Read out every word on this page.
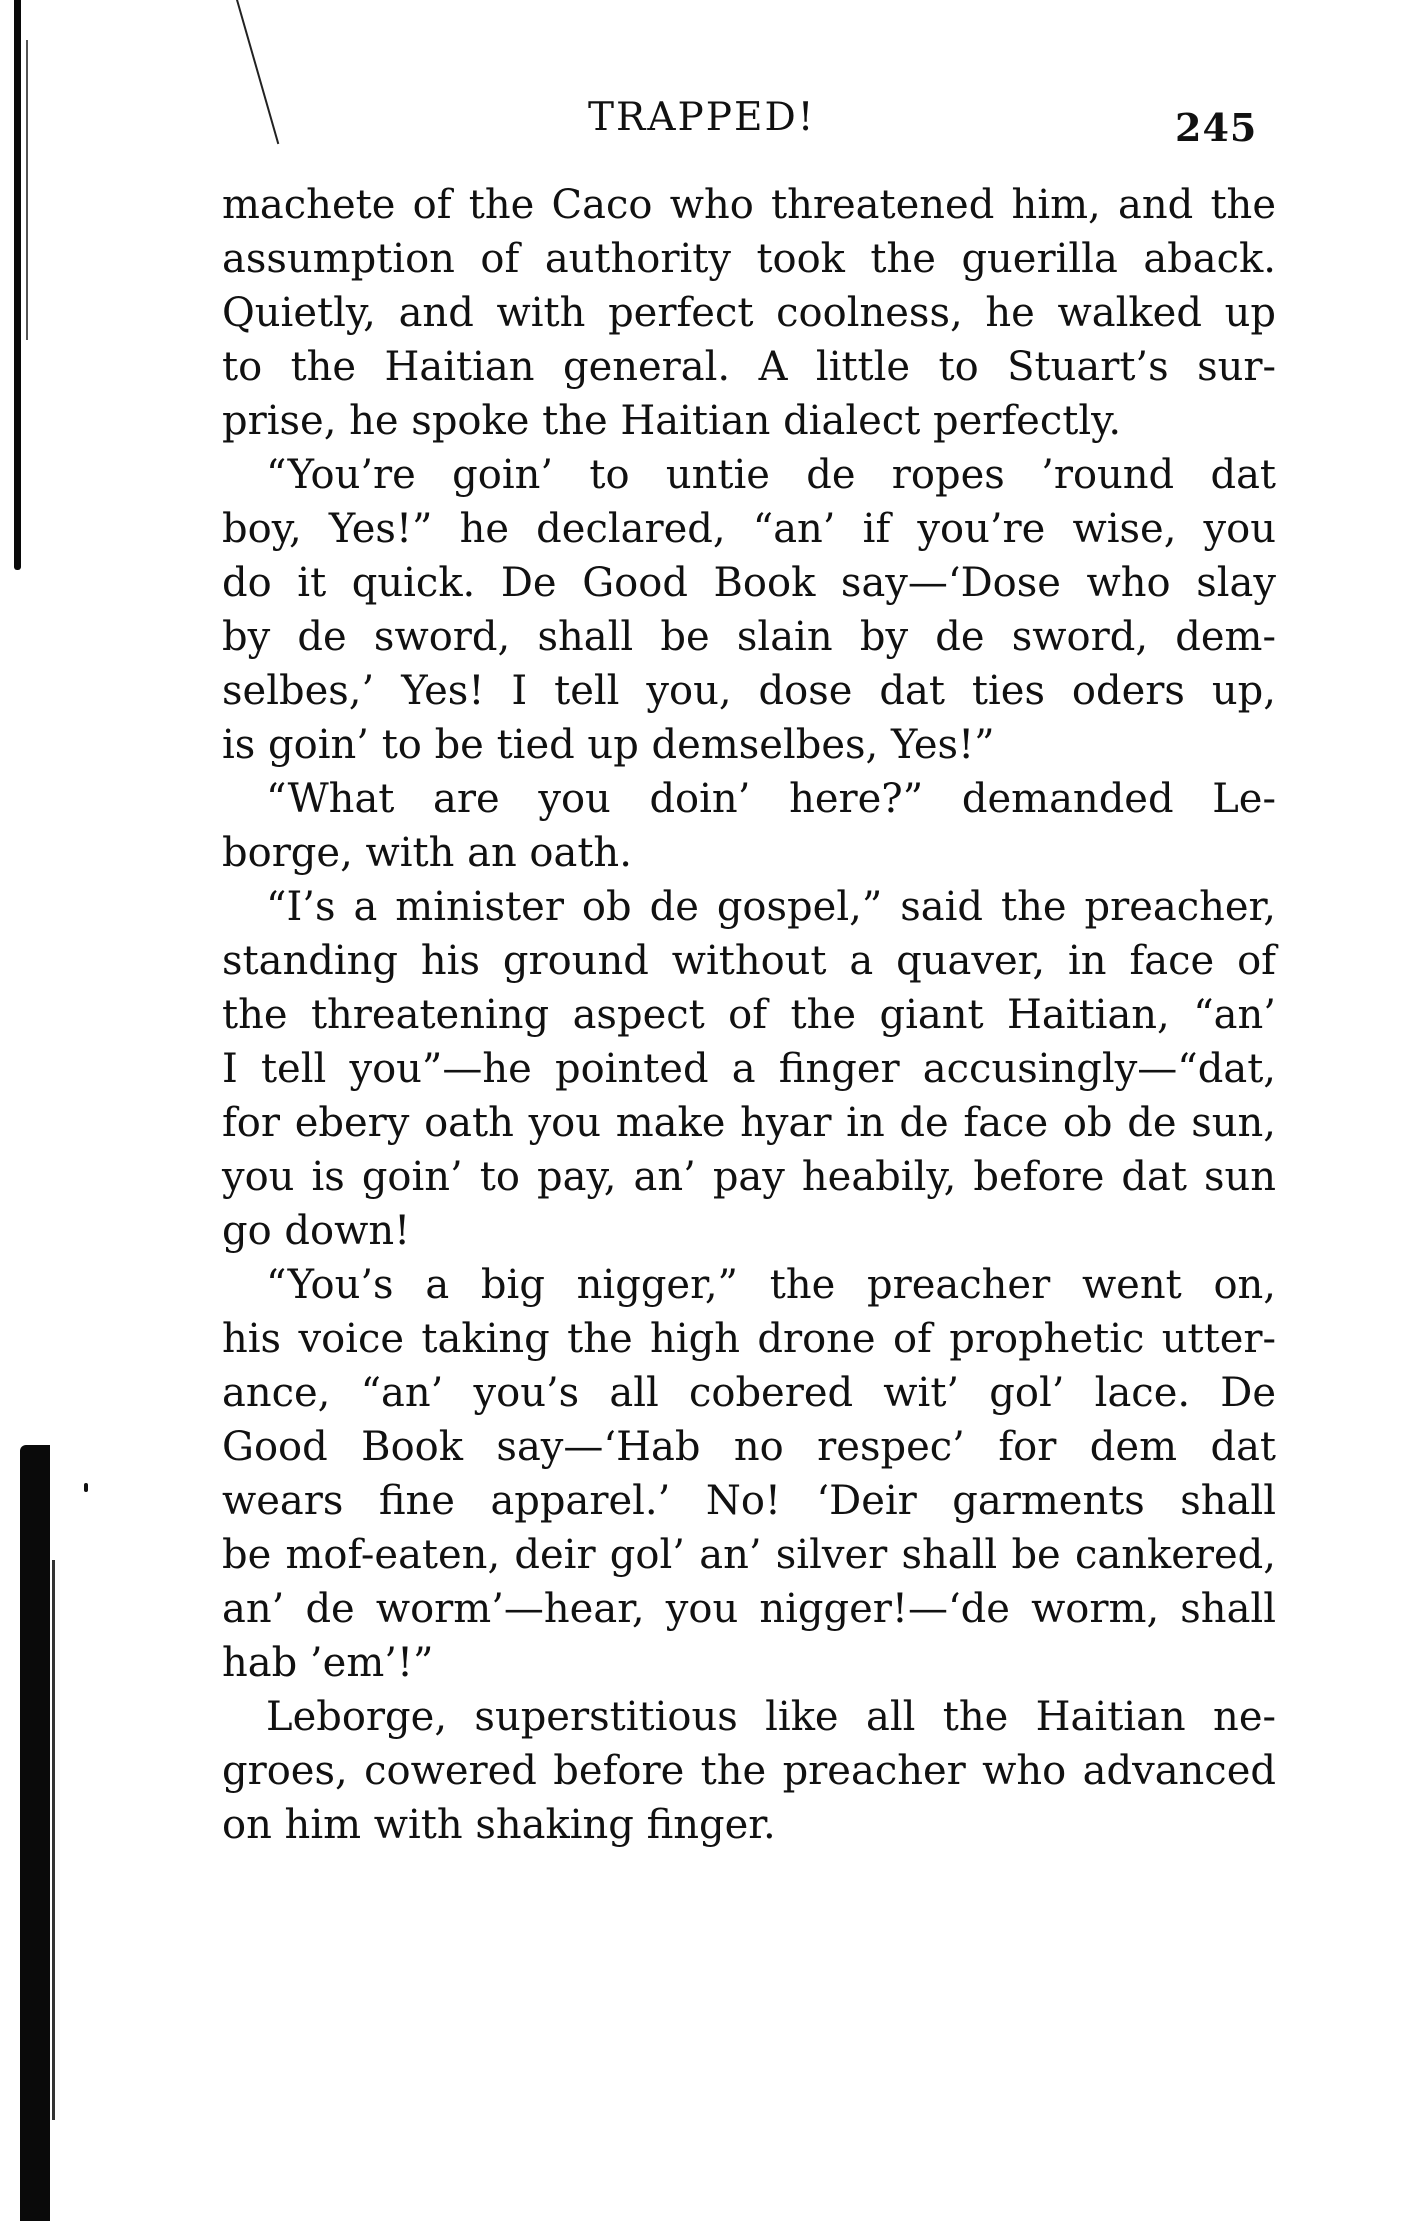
TRAPPED!	245
machete of the Caco who threatened him, and the
assumption of authority took the guerilla aback.
Quietly, and with perfect coolness, he walked up
to the Haitian general. A little to Stuart’s sur-
prise, he spoke the Haitian dialect perfectly.
“You’re goin’ to untie de ropes ’round dat
boy, Yes!” he declared, “an’ if you’re wise, you
do it quick. De Good Book say—‘Dose who slay
by de sword, shall be slain by de sword, dem-
selbes,’ Yes! I tell you, dose dat ties oders up,
is goin’ to be tied up demselbes, Yes!”
“What are you doin’ here?” demanded Le-
borge, with an oath.
“I’s a minister ob de gospel,” said the preacher,
standing his ground without a quaver, in face of
the threatening aspect of the giant Haitian, “an’
I tell you”—he pointed a finger accusingly—“dat,
for ebery oath you make hyar in de face ob de sun,
you is goin’ to pay, an’ pay heabily, before dat sun
go down!
“You’s a big nigger,” the preacher went on,
his voice taking the high drone of prophetic utter-
ance, “an’ you’s all cobered wit’ gol’ lace. De
Good Book say—‘Hab no respec’ for dem dat
wears fine apparel.’ No! ‘Deir garments shall
be mof-eaten, deir gol’ an’ silver shall be cankered,
an’ de worm’—hear, you nigger!—‘de worm, shall
hab ’em’!”
Leborge, superstitious like all the Haitian ne-
groes, cowered before the preacher who advanced
on him with shaking finger.
